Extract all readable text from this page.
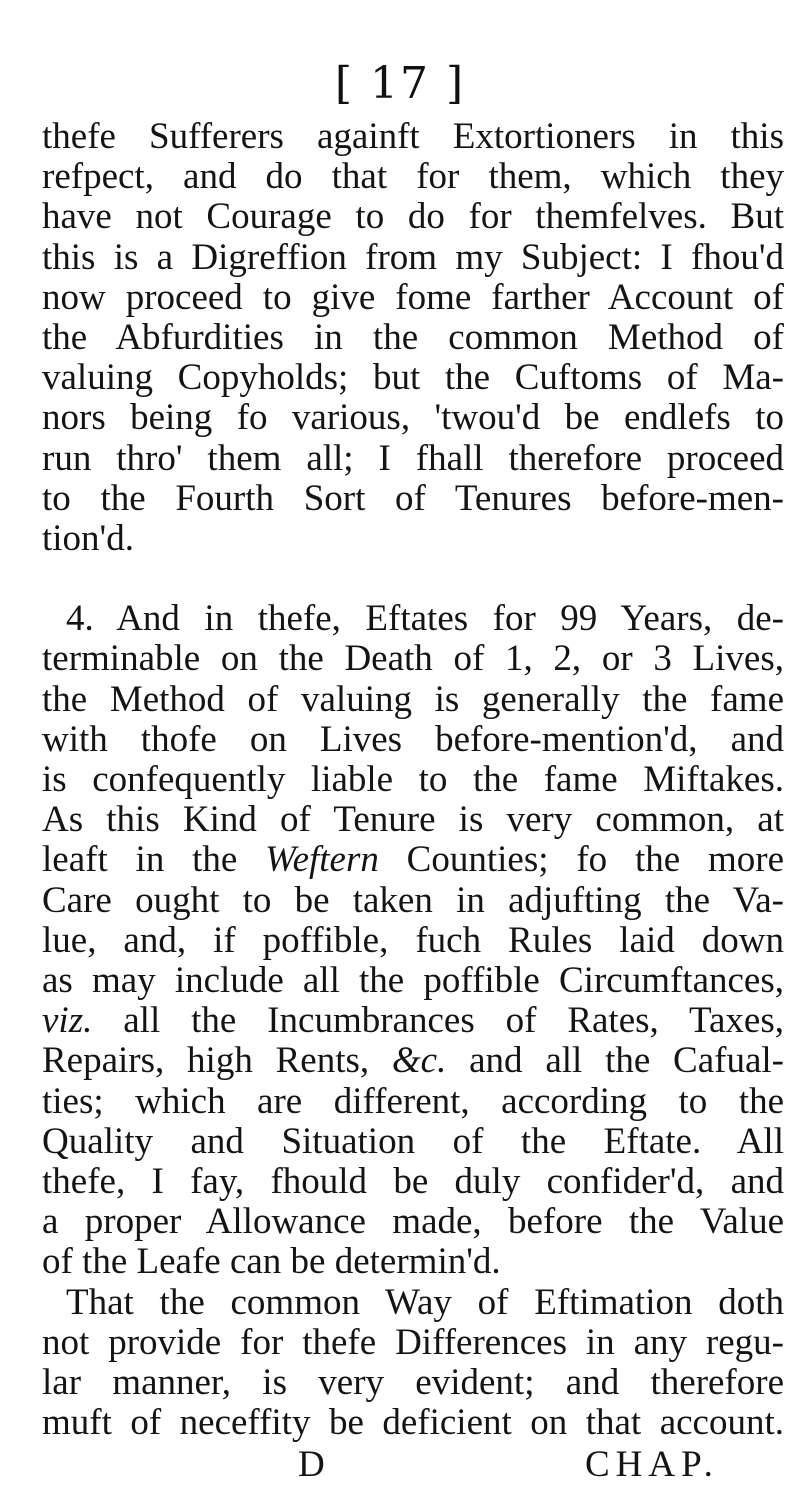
[ 17 ]
thefe Sufferers againft Extortioners in this
refpect, and do that for them, which they
have not Courage to do for themfelves. But
this is a Digreffion from my Subject: I fhou'd
now proceed to give fome farther Account of
the Abfurdities in the common Method of
valuing Copyholds; but the Cuftoms of Ma-
nors being fo various, 'twou'd be endlefs to
run thro' them all; I fhall therefore proceed
to the Fourth Sort of Tenures before-men-
tion'd.
4. And in thefe, Eftates for 99 Years, de-
terminable on the Death of 1, 2, or 3 Lives,
the Method of valuing is generally the fame
with thofe on Lives before-mention'd, and
is confequently liable to the fame Miftakes.
As this Kind of Tenure is very common, at
leaft in the Weftern Counties; fo the more
Care ought to be taken in adjufting the Va-
lue, and, if poffible, fuch Rules laid down
as may include all the poffible Circumftances,
viz. all the Incumbrances of Rates, Taxes,
Repairs, high Rents, &c. and all the Cafual-
ties; which are different, according to the
Quality and Situation of the Eftate. All
thefe, I fay, fhould be duly confider'd, and
a proper Allowance made, before the Value
of the Leafe can be determin'd.
That the common Way of Eftimation doth
not provide for thefe Differences in any regu-
lar manner, is very evident; and therefore
muft of neceffity be deficient on that account.
D	CHAP.
